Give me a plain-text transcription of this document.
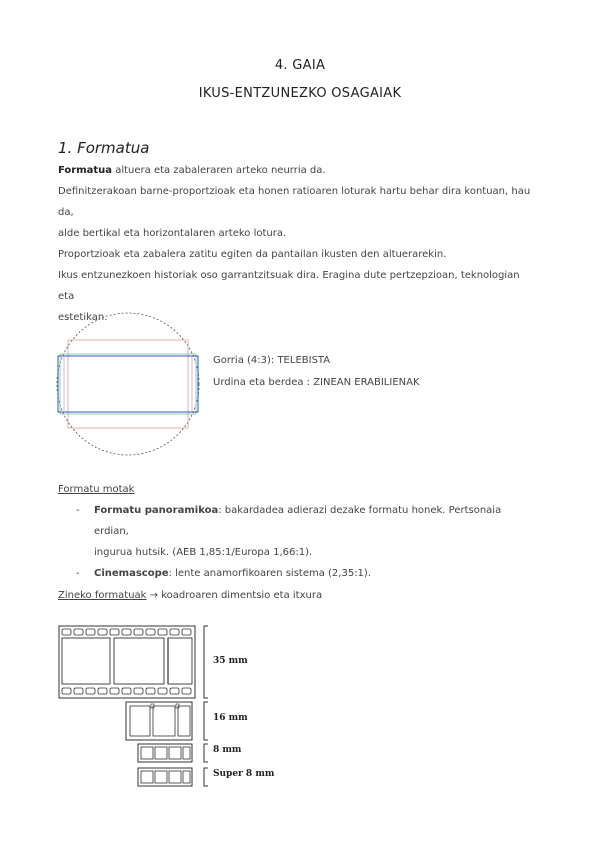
4. GAIA
IKUS-ENTZUNEZKO OSAGAIAK
1. Formatua
Formatua altuera eta zabaleraren arteko neurria da.
Definitzerakoan barne-proportzioak eta honen ratioaren loturak hartu behar dira kontuan, hau da,
alde bertikal eta horizontalaren arteko lotura.
Proportzioak eta zabalera zatitu egiten da pantailan ikusten den altuerarekin.
Ikus entzunezkoen historiak oso garrantzitsuak dira. Eragina dute pertzepzioan, teknologian eta
estetikan.
Gorria (4:3): TELEBISTA
Urdina eta berdea : ZINEAN ERABILIENAK
Formatu motak
- Formatu panoramikoa: bakardadea adierazi dezake formatu honek. Pertsonaia erdian,
ingurua hutsik. (AEB 1,85:1/Europa 1,66:1).
- Cinemascope: lente anamorfikoaren sistema (2,35:1).
Zineko formatuak → koadroaren dimentsio eta itxura
35 mm
16 mm
8 mm
Super 8 mm
